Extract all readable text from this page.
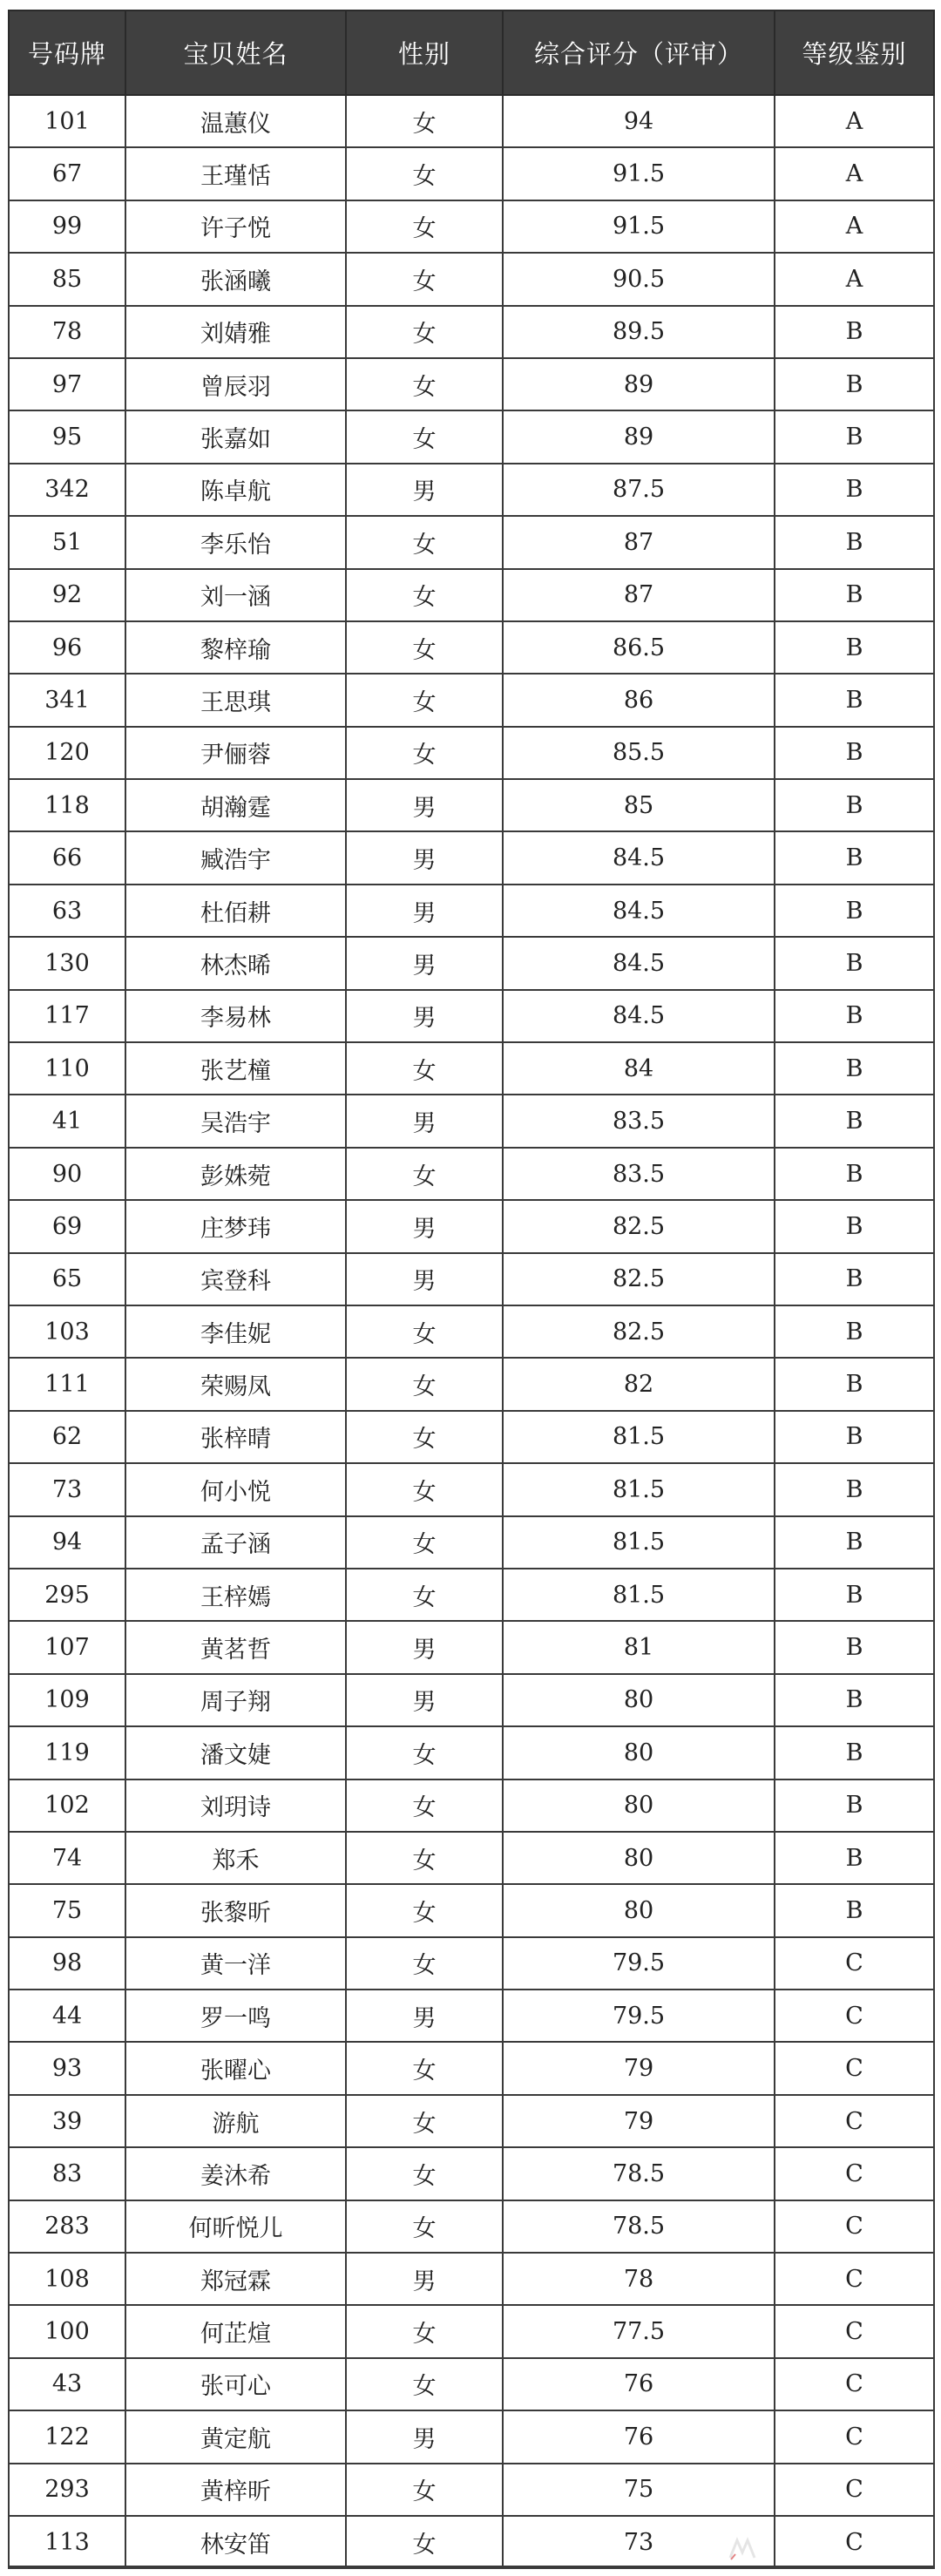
号码牌	宝贝姓名	性别	综合评分（评审）	等级鉴别
101	温蕙仪	女	94	A
67	王瑾恬	女	91.5	A
99	许子悦	女	91.5	A
85	张涵曦	女	90.5	A
78	刘婧雅	女	89.5	B
97	曾辰羽	女	89	B
95	张嘉如	女	89	B
342	陈卓航	男	87.5	B
51	李乐怡	女	87	B
92	刘一涵	女	87	B
96	黎梓瑜	女	86.5	B
341	王思琪	女	86	B
120	尹俪蓉	女	85.5	B
118	胡瀚霆	男	85	B
66	臧浩宇	男	84.5	B
63	杜佰耕	男	84.5	B
130	林杰晞	男	84.5	B
117	李易林	男	84.5	B
110	张艺橦	女	84	B
41	吴浩宇	男	83.5	B
90	彭姝菀	女	83.5	B
69	庄梦玮	男	82.5	B
65	宾登科	男	82.5	B
103	李佳妮	女	82.5	B
111	荣赐凤	女	82	B
62	张梓晴	女	81.5	B
73	何小悦	女	81.5	B
94	孟子涵	女	81.5	B
295	王梓嫣	女	81.5	B
107	黄茗哲	男	81	B
109	周子翔	男	80	B
119	潘文婕	女	80	B
102	刘玥诗	女	80	B
74	郑禾	女	80	B
75	张黎昕	女	80	B
98	黄一洋	女	79.5	C
44	罗一鸣	男	79.5	C
93	张曜心	女	79	C
39	游航	女	79	C
83	姜沐希	女	78.5	C
283	何昕悦儿	女	78.5	C
108	郑冠霖	男	78	C
100	何芷煊	女	77.5	C
43	张可心	女	76	C
122	黄定航	男	76	C
293	黄梓昕	女	75	C
113	林安笛	女	73	C
